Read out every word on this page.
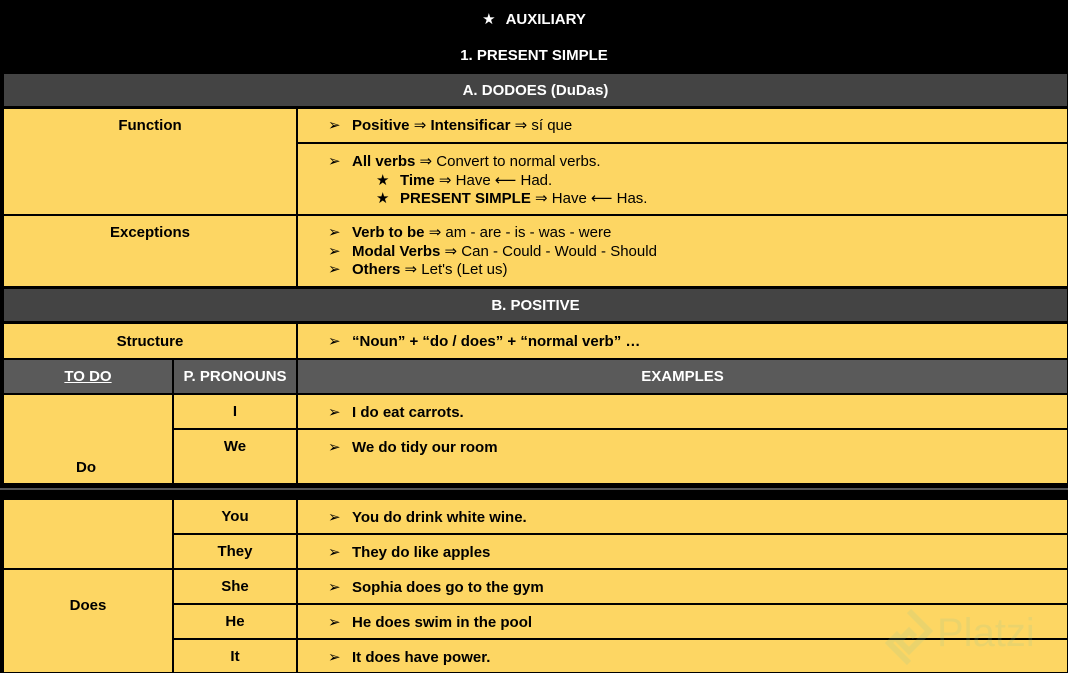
★ AUXILIARY
1. PRESENT SIMPLE
A. DODOES (DuDas)
Function	➢ Positive ⇒ Intensificar ⇒ sí que
➢ All verbs ⇒ Convert to normal verbs.
★ Time ⇒ Have ⟵ Had.
★ PRESENT SIMPLE ⇒ Have ⟵ Has.
Exceptions	➢ Verb to be ⇒ am - are - is - was - were
➢ Modal Verbs ⇒ Can - Could - Would - Should
➢ Others ⇒ Let's (Let us)
B. POSITIVE
Structure	➢ “Noun” + “do / does” + “normal verb” …
TO DO	P. PRONOUNS	EXAMPLES
Do
I	➢ I do eat carrots.
We	➢ We do tidy our room
You	➢ You do drink white wine.
They	➢ They do like apples
Does
She	➢ Sophia does go to the gym
He	➢ He does swim in the pool
It	➢ It does have power.
Platzi
